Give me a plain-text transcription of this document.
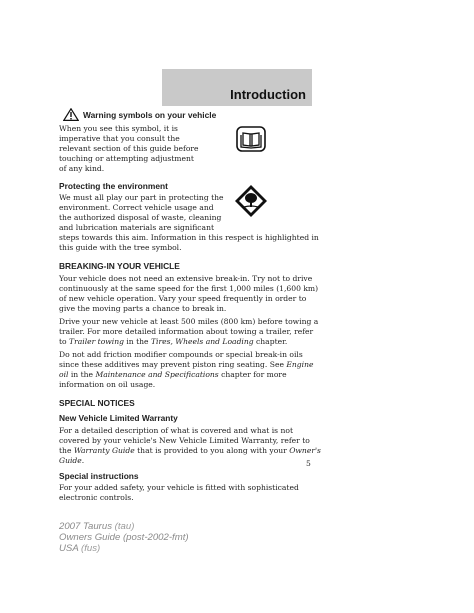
Introduction
Warning symbols on your vehicle

When you see this symbol, it is imperative that you consult the relevant section of this guide before touching or attempting adjustment of any kind.

Protecting the environment

We must all play our part in protecting the environment. Correct vehicle usage and the authorized disposal of waste, cleaning and lubrication materials are significant

steps towards this aim. Information in this respect is highlighted in this guide with the tree symbol.

BREAKING-IN YOUR VEHICLE

Your vehicle does not need an extensive break-in. Try not to drive continuously at the same speed for the first 1,000 miles (1,600 km) of new vehicle operation. Vary your speed frequently in order to give the moving parts a chance to break in.

Drive your new vehicle at least 500 miles (800 km) before towing a trailer. For more detailed information about towing a trailer, refer to Trailer towing in the Tires, Wheels and Loading chapter.

Do not add friction modifier compounds or special break-in oils since these additives may prevent piston ring seating. See Engine oil in the Maintenance and Specifications chapter for more information on oil usage.

SPECIAL NOTICES

New Vehicle Limited Warranty

For a detailed description of what is covered and what is not covered by your vehicle's New Vehicle Limited Warranty, refer to the Warranty Guide that is provided to you along with your Owner's Guide.

Special instructions

For your added safety, your vehicle is fitted with sophisticated electronic controls.

5
2007 Taurus (tau)
Owners Guide (post-2002-fmt)
USA (fus)
